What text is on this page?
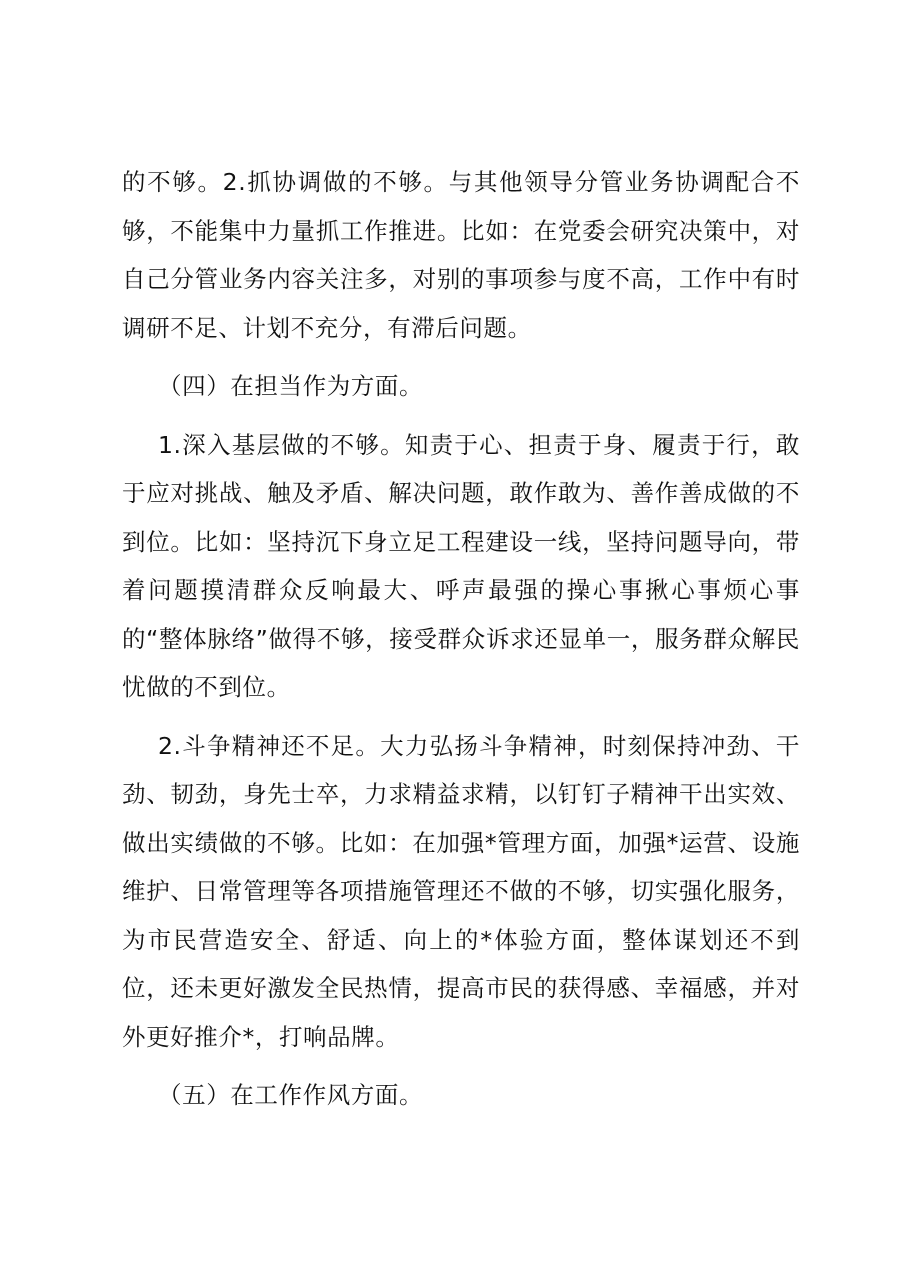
的不够。2.抓协调做的不够。与其他领导分管业务协调配合不够，不能集中力量抓工作推进。比如：在党委会研究决策中，对自己分管业务内容关注多，对别的事项参与度不高，工作中有时调研不足、计划不充分，有滞后问题。

（四）在担当作为方面。

1.深入基层做的不够。知责于心、担责于身、履责于行，敢于应对挑战、触及矛盾、解决问题，敢作敢为、善作善成做的不到位。比如：坚持沉下身立足工程建设一线，坚持问题导向，带着问题摸清群众反响最大、呼声最强的操心事揪心事烦心事的“整体脉络”做得不够，接受群众诉求还显单一，服务群众解民忧做的不到位。

2.斗争精神还不足。大力弘扬斗争精神，时刻保持冲劲、干劲、韧劲，身先士卒，力求精益求精，以钉钉子精神干出实效、做出实绩做的不够。比如：在加强*管理方面，加强*运营、设施维护、日常管理等各项措施管理还不做的不够，切实强化服务，为市民营造安全、舒适、向上的*体验方面，整体谋划还不到位，还未更好激发全民热情，提高市民的获得感、幸福感，并对外更好推介*，打响品牌。

（五）在工作作风方面。
